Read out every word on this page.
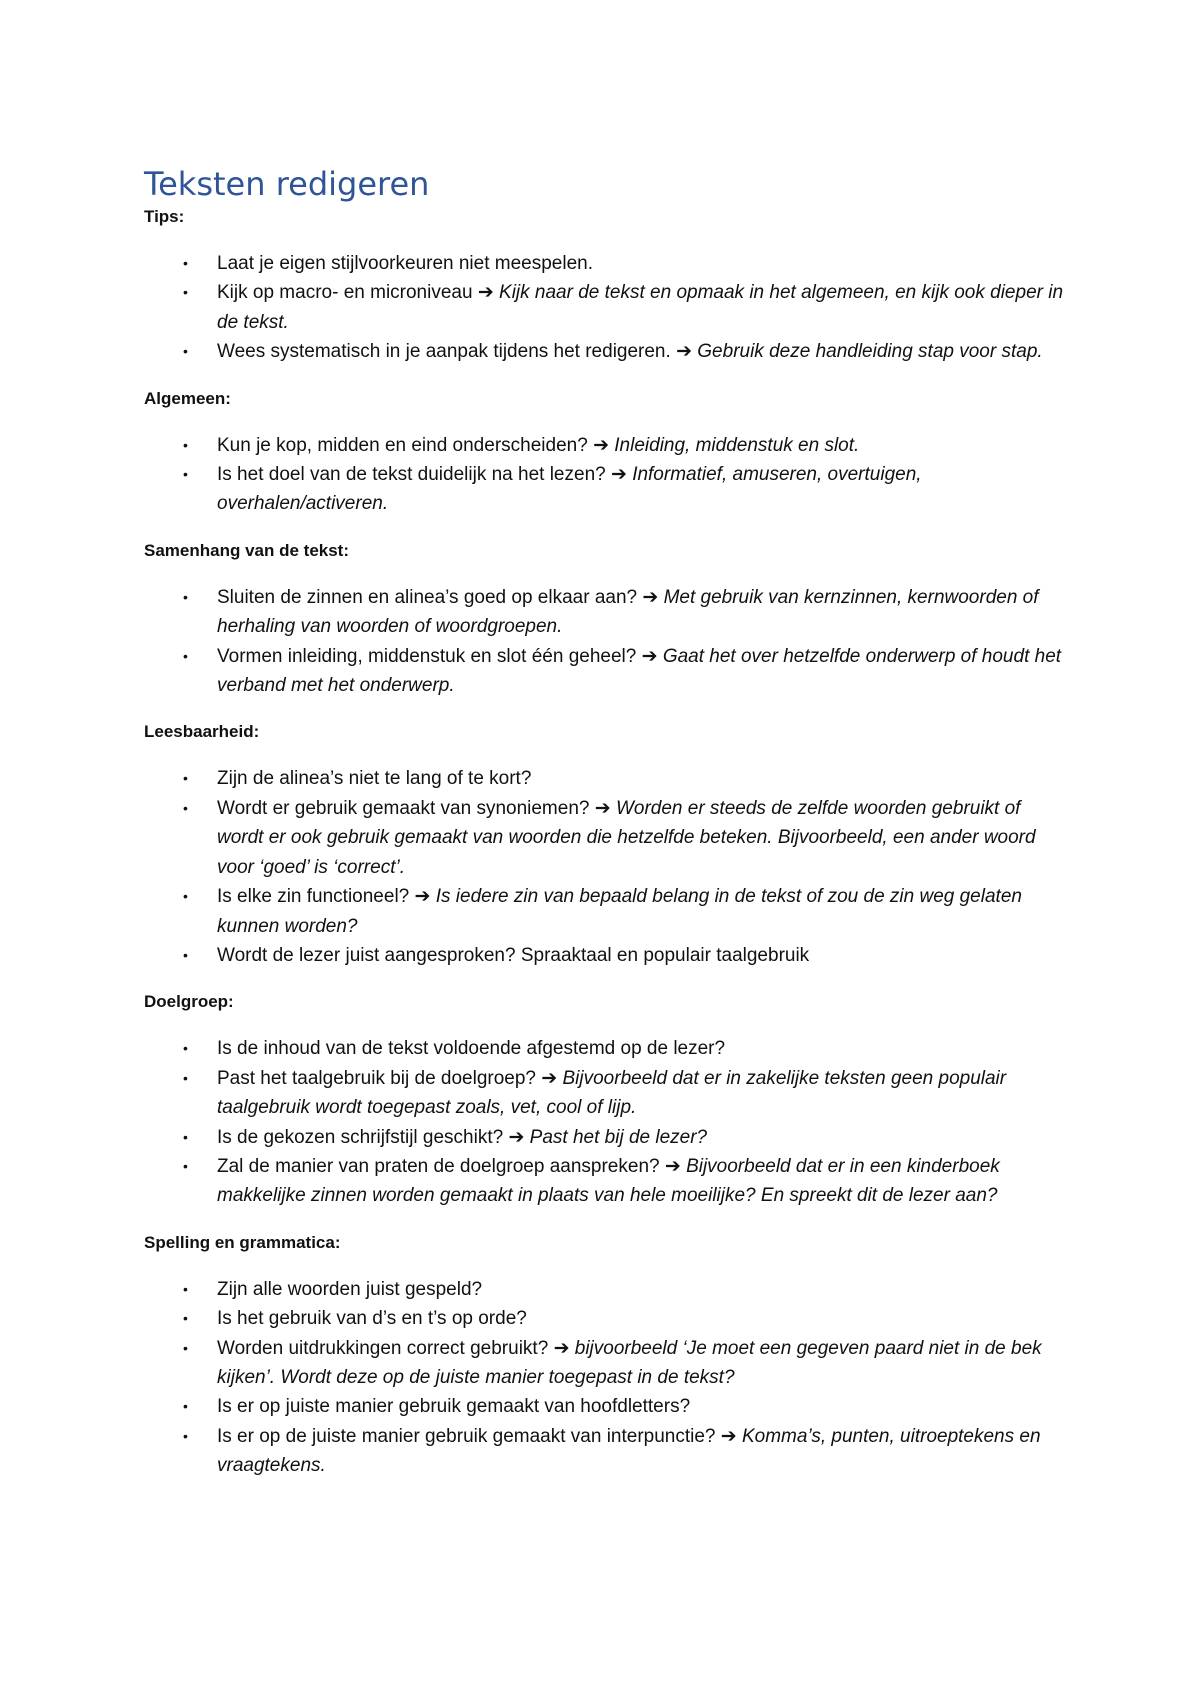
Teksten redigeren

Tips:

• Laat je eigen stijlvoorkeuren niet meespelen.
• Kijk op macro- en microniveau ➔ Kijk naar de tekst en opmaak in het algemeen, en kijk ook dieper in de tekst.
• Wees systematisch in je aanpak tijdens het redigeren. ➔ Gebruik deze handleiding stap voor stap.

Algemeen:

• Kun je kop, midden en eind onderscheiden? ➔ Inleiding, middenstuk en slot.
• Is het doel van de tekst duidelijk na het lezen? ➔ Informatief, amuseren, overtuigen, overhalen/activeren.

Samenhang van de tekst:

• Sluiten de zinnen en alinea’s goed op elkaar aan? ➔ Met gebruik van kernzinnen, kernwoorden of herhaling van woorden of woordgroepen.
• Vormen inleiding, middenstuk en slot één geheel? ➔ Gaat het over hetzelfde onderwerp of houdt het verband met het onderwerp.

Leesbaarheid:

• Zijn de alinea’s niet te lang of te kort?
• Wordt er gebruik gemaakt van synoniemen? ➔ Worden er steeds de zelfde woorden gebruikt of wordt er ook gebruik gemaakt van woorden die hetzelfde beteken. Bijvoorbeeld, een ander woord voor ‘goed’ is ‘correct’.
• Is elke zin functioneel? ➔ Is iedere zin van bepaald belang in de tekst of zou de zin weg gelaten kunnen worden?
• Wordt de lezer juist aangesproken? Spraaktaal en populair taalgebruik

Doelgroep:

• Is de inhoud van de tekst voldoende afgestemd op de lezer?
• Past het taalgebruik bij de doelgroep? ➔ Bijvoorbeeld dat er in zakelijke teksten geen populair taalgebruik wordt toegepast zoals, vet, cool of lijp.
• Is de gekozen schrijfstijl geschikt? ➔ Past het bij de lezer?
• Zal de manier van praten de doelgroep aanspreken? ➔ Bijvoorbeeld dat er in een kinderboek makkelijke zinnen worden gemaakt in plaats van hele moeilijke? En spreekt dit de lezer aan?

Spelling en grammatica:

• Zijn alle woorden juist gespeld?
• Is het gebruik van d’s en t’s op orde?
• Worden uitdrukkingen correct gebruikt? ➔ bijvoorbeeld ‘Je moet een gegeven paard niet in de bek kijken’. Wordt deze op de juiste manier toegepast in de tekst?
• Is er op juiste manier gebruik gemaakt van hoofdletters?
• Is er op de juiste manier gebruik gemaakt van interpunctie? ➔ Komma’s, punten, uitroeptekens en vraagtekens.
